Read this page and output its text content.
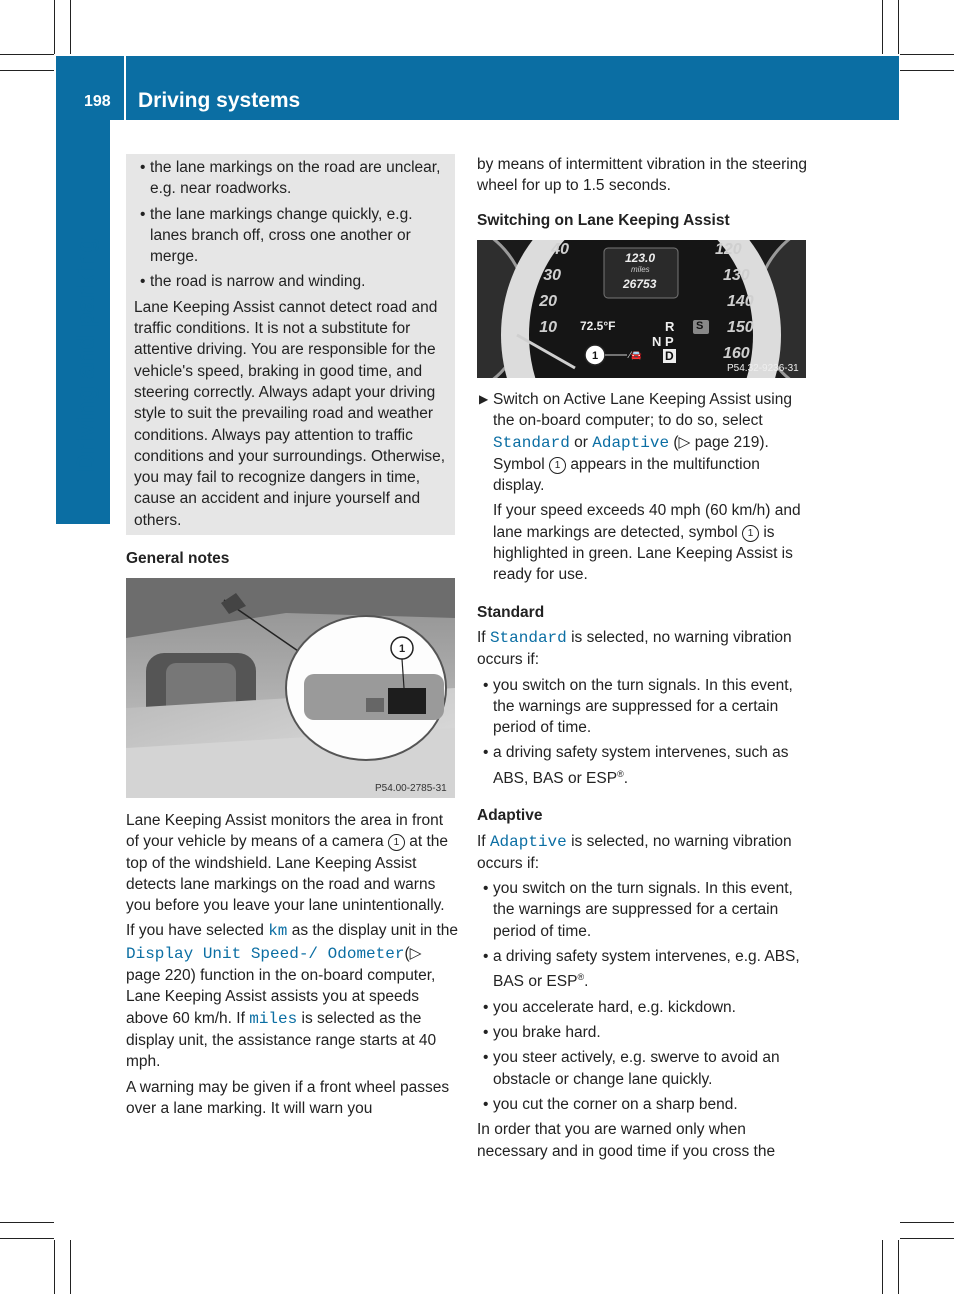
198 Driving systems
Driving and parking
• the lane markings on the road are unclear, e.g. near roadworks.
• the lane markings change quickly, e.g. lanes branch off, cross one another or merge.
• the road is narrow and winding.

Lane Keeping Assist cannot detect road and traffic conditions. It is not a substitute for attentive driving. You are responsible for the vehicle's speed, braking in good time, and steering correctly. Always adapt your driving style to suit the prevailing road and weather conditions. Always pay attention to traffic conditions and your surroundings. Otherwise, you may fail to recognize dangers in time, cause an accident and injure yourself and others.

General notes

1
P54.00-2785-31

Lane Keeping Assist monitors the area in front of your vehicle by means of a camera 1 at the top of the windshield. Lane Keeping Assist detects lane markings on the road and warns you before you leave your lane unintentionally.

If you have selected km as the display unit in the Display Unit Speed-/ Odometer(▷ page 220) function in the on-board computer, Lane Keeping Assist assists you at speeds above 60 km/h. If miles is selected as the display unit, the assistance range starts at 40 mph.

A warning may be given if a front wheel passes over a lane marking. It will warn you

by means of intermittent vibration in the steering wheel for up to 1.5 seconds.

Switching on Lane Keeping Assist

1	⁄🚘
40
30
20
10
120
130
140
150
160
123.0
miles
26753
72.5°F	R
N P
D
S
P54.32-9236-31
▶ Switch on Active Lane Keeping Assist using the on-board computer; to do so, select Standard or Adaptive (▷ page 219). Symbol 1 appears in the multifunction display.

If your speed exceeds 40 mph (60 km/h) and lane markings are detected, symbol 1 is highlighted in green. Lane Keeping Assist is ready for use.

Standard

If Standard is selected, no warning vibration occurs if:

• you switch on the turn signals. In this event, the warnings are suppressed for a certain period of time.
• a driving safety system intervenes, such as ABS, BAS or ESP®.

Adaptive

If Adaptive is selected, no warning vibration occurs if:

• you switch on the turn signals. In this event, the warnings are suppressed for a certain period of time.
• a driving safety system intervenes, e.g. ABS, BAS or ESP®.
• you accelerate hard, e.g. kickdown.
• you brake hard.
• you steer actively, e.g. swerve to avoid an obstacle or change lane quickly.
• you cut the corner on a sharp bend.

In order that you are warned only when necessary and in good time if you cross the
